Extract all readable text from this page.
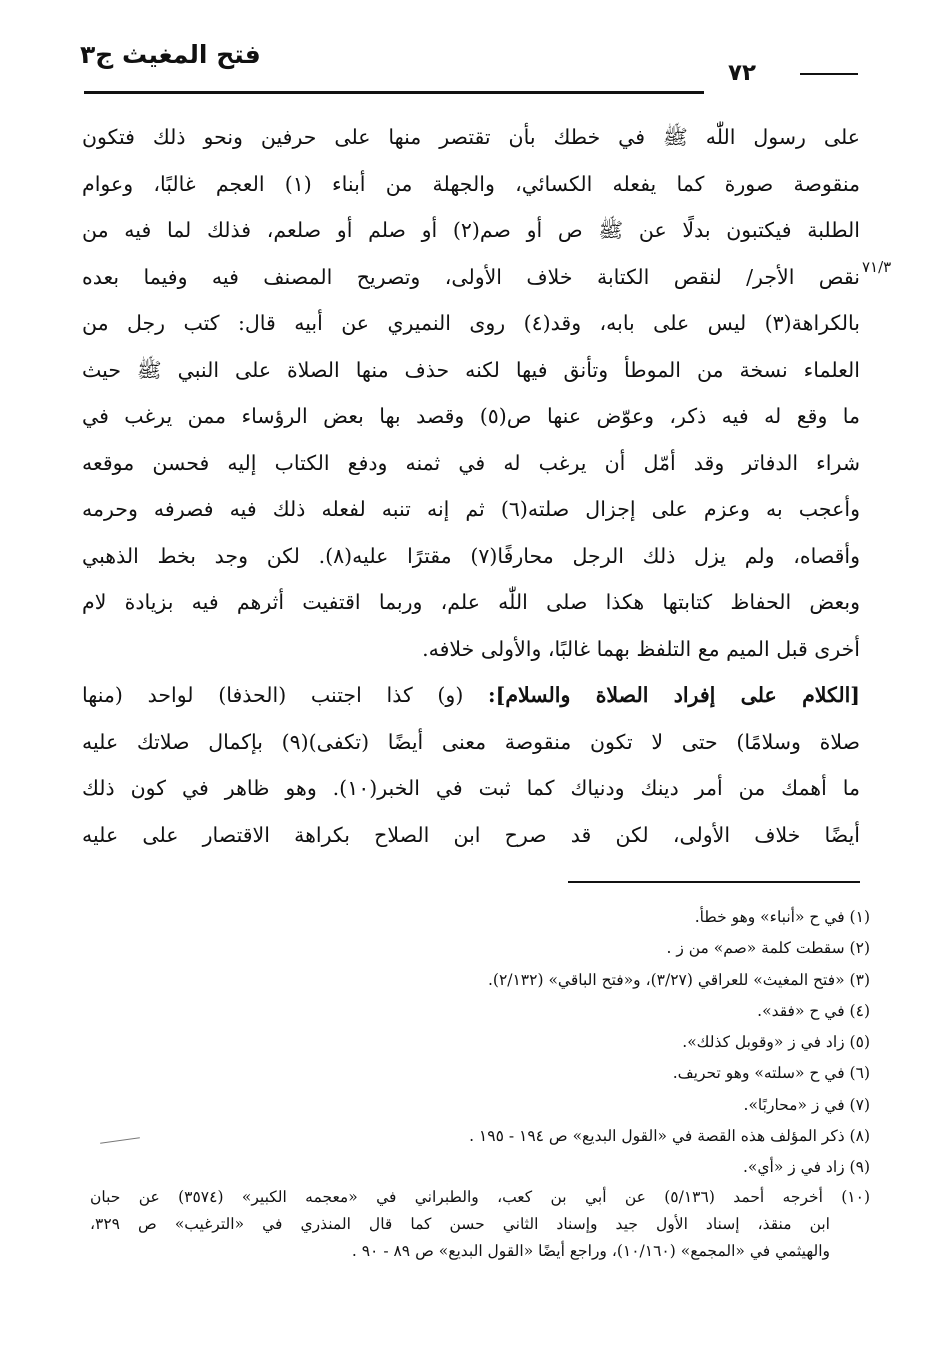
فتح المغيث ج٣
٧٢
٧١/٣
على رسول اللّٰه ﷺ في خطك بأن تقتصر منها على حرفين ونحو ذلك فتكون
منقوصة صورة كما يفعله الكسائي، والجهلة من أبناء (١) العجم غالبًا، وعوام
الطلبة فيكتبون بدلًا عن ﷺ ص أو صم(٢) أو صلم أو صلعم، فذلك لما فيه من
نقص الأجر/ لنقص الكتابة خلاف الأولى، وتصريح المصنف فيه وفيما بعده
بالكراهة(٣) ليس على بابه، وقد(٤) روى النميري عن أبيه قال: كتب رجل من
العلماء نسخة من الموطأ وتأنق فيها لكنه حذف منها الصلاة على النبي ﷺ حيث
ما وقع له فيه ذكر، وعوّض عنها ص(٥) وقصد بها بعض الرؤساء ممن يرغب في
شراء الدفاتر وقد أمّل أن يرغب له في ثمنه ودفع الكتاب إليه فحسن موقعه
وأعجب به وعزم على إجزال صلته(٦) ثم إنه تنبه لفعله ذلك فيه فصرفه وحرمه
وأقصاه، ولم يزل ذلك الرجل محارفًا(٧) مقترًا عليه(٨). لكن وجد بخط الذهبي
وبعض الحفاظ كتابتها هكذا صلى اللّٰه علم، وربما اقتفيت أثرهم فيه بزيادة لام
أخرى قبل الميم مع التلفظ بهما غالبًا، والأولى خلافه.
[الكلام على إفراد الصلاة والسلام]: (و) كذا اجتنب (الحذفا) لواحد (منها
صلاة وسلامًا) حتى لا تكون منقوصة معنى أيضًا (تكفى)(٩) بإكمال صلاتك عليه
ما أهمك من أمر دينك ودنياك كما ثبت في الخبر(١٠). وهو ظاهر في كون ذلك
أيضًا خلاف الأولى، لكن قد صرح ابن الصلاح بكراهة الاقتصار على عليه
(١) في ح «أنباء» وهو خطأ.
(٢) سقطت كلمة «صم» من ز .
(٣) «فتح المغيث» للعراقي (٣/٢٧)، و«فتح الباقي» (٢/١٣٢).
(٤) في ح «فقد».
(٥) زاد في ز «وقوبل كذلك».
(٦) في ح «سلته» وهو تحريف.
(٧) في ز «محاربًا».
(٨) ذكر المؤلف هذه القصة في «القول البديع» ص ١٩٤ - ١٩٥ .
(٩) زاد في ز «أي».
(١٠) أخرجه أحمد (٥/١٣٦) عن أبي بن كعب، والطبراني في «معجمه الكبير» (٣٥٧٤) عن حبان
ابن منقذ، إسناد الأول جيد وإسناد الثاني حسن كما قال المنذري في «الترغيب» ص ٣٢٩،
والهيثمي في «المجمع» (١٠/١٦٠)، وراجع أيضًا «القول البديع» ص ٨٩ - ٩٠ .
